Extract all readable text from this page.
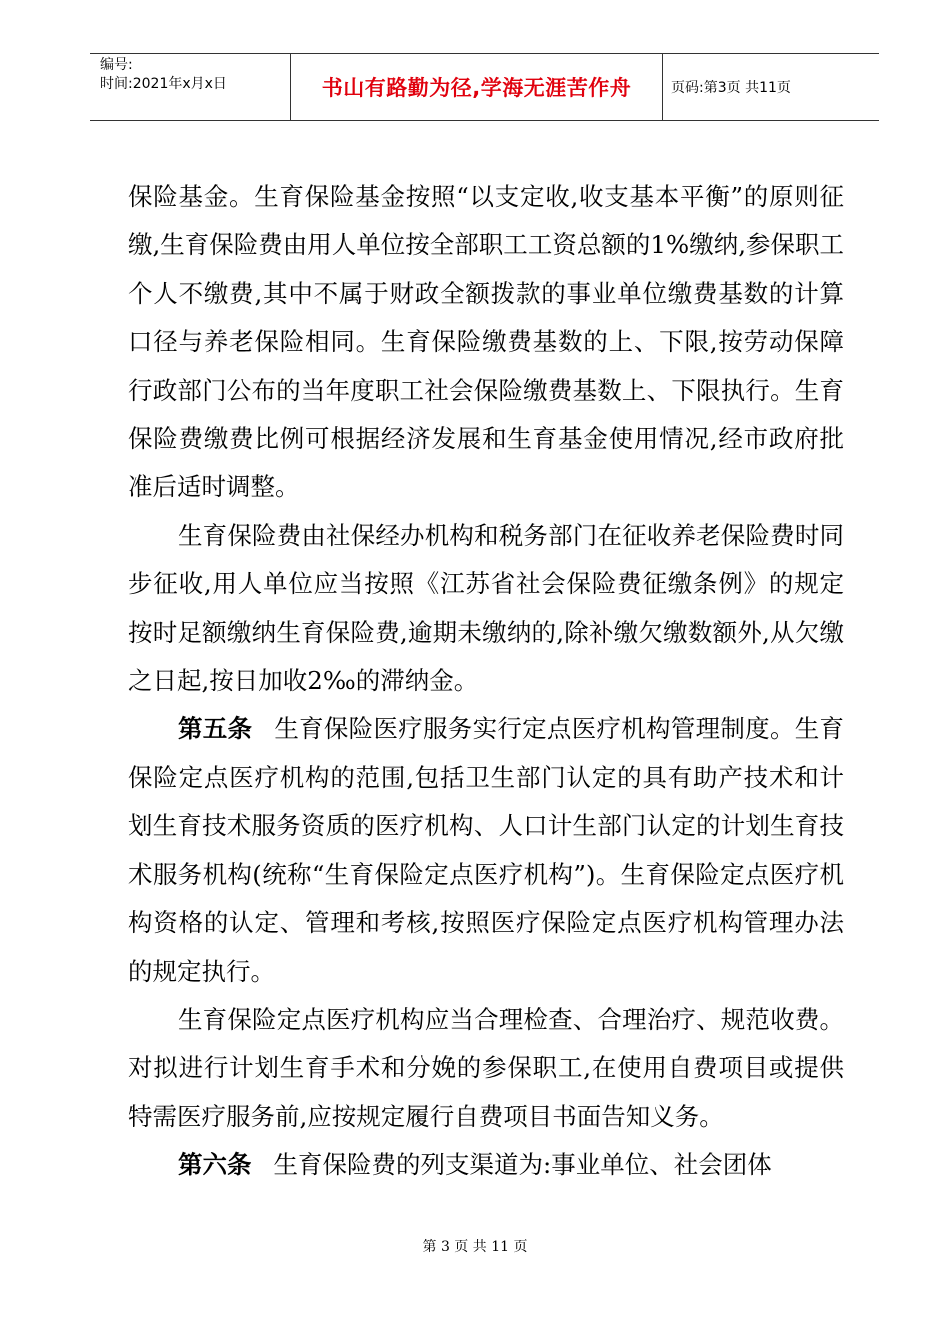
编号:
时间:2021年x月x日	书山有路勤为径,学海无涯苦作舟	页码:第3页 共11页

保险基金。生育保险基金按照“以支定收,收支基本平衡”的原则征缴,生育保险费由用人单位按全部职工工资总额的1%缴纳,参保职工个人不缴费,其中不属于财政全额拨款的事业单位缴费基数的计算口径与养老保险相同。生育保险缴费基数的上、下限,按劳动保障行政部门公布的当年度职工社会保险缴费基数上、下限执行。生育保险费缴费比例可根据经济发展和生育基金使用情况,经市政府批准后适时调整。

生育保险费由社保经办机构和税务部门在征收养老保险费时同步征收,用人单位应当按照《江苏省社会保险费征缴条例》的规定按时足额缴纳生育保险费,逾期未缴纳的,除补缴欠缴数额外,从欠缴之日起,按日加收2‰的滞纳金。

第五条 生育保险医疗服务实行定点医疗机构管理制度。生育保险定点医疗机构的范围,包括卫生部门认定的具有助产技术和计划生育技术服务资质的医疗机构、人口计生部门认定的计划生育技术服务机构(统称“生育保险定点医疗机构”)。生育保险定点医疗机构资格的认定、管理和考核,按照医疗保险定点医疗机构管理办法的规定执行。

生育保险定点医疗机构应当合理检查、合理治疗、规范收费。对拟进行计划生育手术和分娩的参保职工,在使用自费项目或提供特需医疗服务前,应按规定履行自费项目书面告知义务。

第六条 生育保险费的列支渠道为:事业单位、社会团体

第 3 页 共 11 页
